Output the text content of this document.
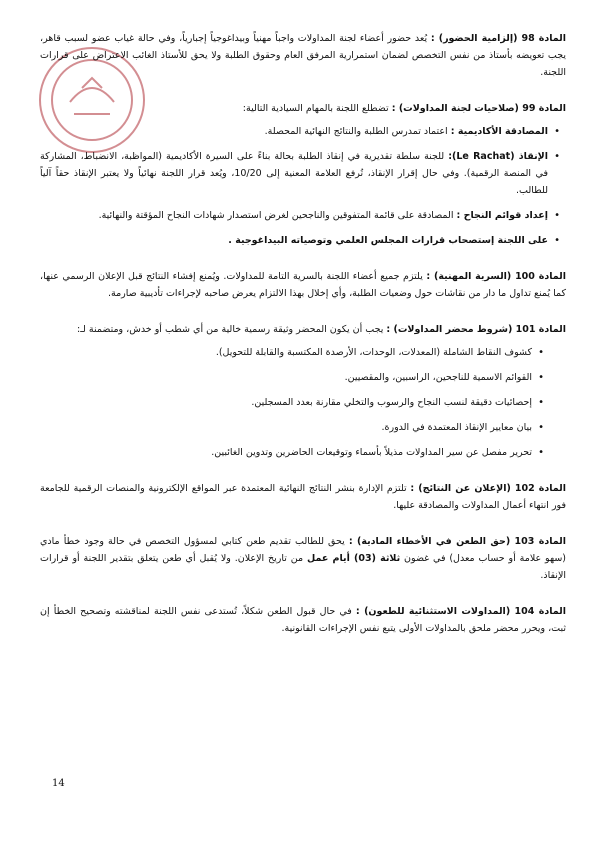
المادة 98 (إلزامية الحضور) : يُعد حضور أعضاء لجنة المداولات واجباً مهنياً وبيداغوجياً إجبارياً، وفي حالة غياب عضو لسبب قاهر، يجب تعويضه بأستاذ من نفس التخصص لضمان استمرارية المرفق العام وحقوق الطلبة ولا يحق للأستاذ الغائب الاعتراض على قرارات اللجنة.

المادة 99 (صلاحيات لجنة المداولات) : تضطلع اللجنة بالمهام السيادية التالية:

• المصادقة الأكاديمية : اعتماد تمدرس الطلبة والنتائج النهائية المحصلة.
• الإنقاذ (Le Rachat): للجنة سلطة تقديرية في إنقاذ الطلبة بحالة بناءً على السيرة الأكاديمية (المواظبة، الانضباط، المشاركة في المنصة الرقمية). وفي حال إقرار الإنقاذ، تُرفع العلامة المعنية إلى 10/20، ويُعد قرار اللجنة نهائياً ولا يعتبر الإنقاذ حقاً آلياً للطالب.
• إعداد قوائم النجاح : المصادقة على قائمة المتفوقين والناجحين لغرض استصدار شهادات النجاح المؤقتة والنهائية.
• على اللجنة إستصحاب قرارات المجلس العلمي وتوصياته البيداغوجية .

المادة 100 (السرية المهنية) : يلتزم جميع أعضاء اللجنة بالسرية التامة للمداولات. ويُمنع إفشاء النتائج قبل الإعلان الرسمي عنها، كما يُمنع تداول ما دار من نقاشات حول وضعيات الطلبة، وأي إخلال بهذا الالتزام يعرض صاحبه لإجراءات تأديبية صارمة.

المادة 101 (شروط محضر المداولات) : يجب أن يكون المحضر وثيقة رسمية خالية من أي شطب أو خدش، ومتضمنة لـ:

• كشوف النقاط الشاملة (المعدلات، الوحدات، الأرصدة المكتسبة والقابلة للتحويل).
• القوائم الاسمية للناجحين، الراسبين، والمقصيين.
• إحصائيات دقيقة لنسب النجاح والرسوب والتخلي مقارنة بعدد المسجلين.
• بيان معايير الإنقاذ المعتمدة في الدورة.
• تحرير مفصل عن سير المداولات مذيلاً بأسماء وتوقيعات الحاضرين وتدوين الغائبين.

المادة 102 (الإعلان عن النتائج) : تلتزم الإدارة بنشر النتائج النهائية المعتمدة عبر المواقع الإلكترونية والمنصات الرقمية للجامعة فور انتهاء أعمال المداولات والمصادقة عليها.

المادة 103 (حق الطعن في الأخطاء المادية) : يحق للطالب تقديم طعن كتابي لمسؤول التخصص في حالة وجود خطأ مادي (سهو علامة أو حساب معدل) في غضون ثلاثة (03) أيام عمل من تاريخ الإعلان. ولا يُقبل أي طعن يتعلق بتقدير اللجنة أو قرارات الإنقاذ.

المادة 104 (المداولات الاستثنائية للطعون) : في حال قبول الطعن شكلاً، تُستدعى نفس اللجنة لمناقشته وتصحيح الخطأ إن ثبت، ويحرر محضر ملحق بالمداولات الأولى يتبع نفس الإجراءات القانونية.

14
